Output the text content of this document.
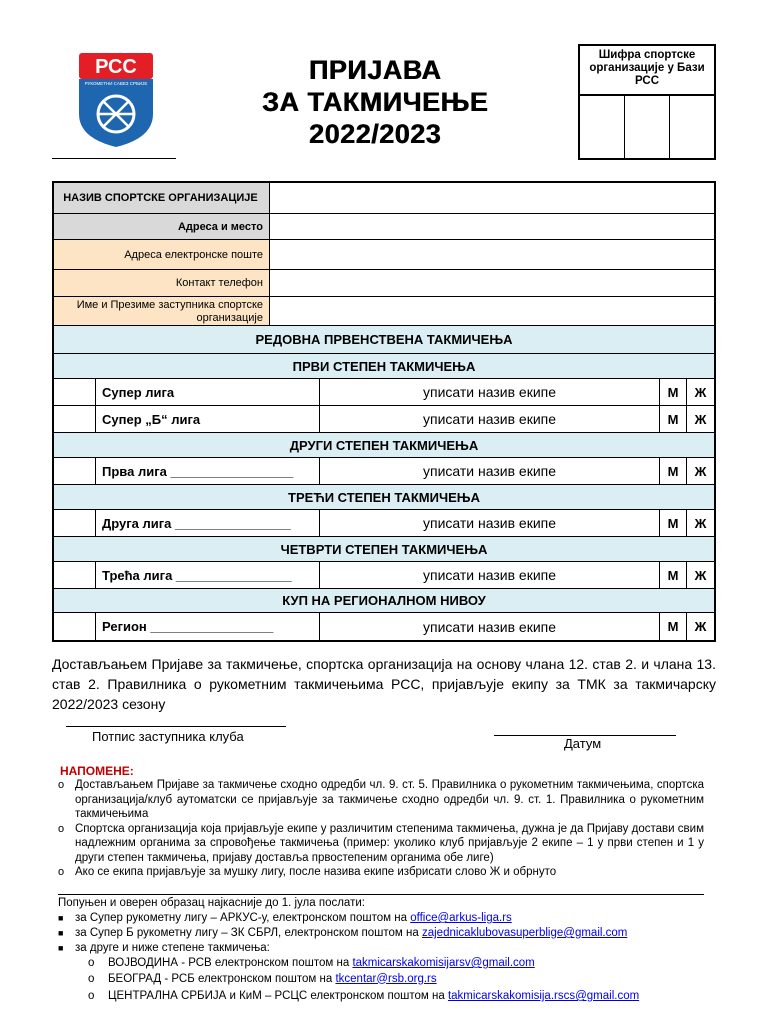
РСС
РУКОМЕТНИ САВЕЗ СРБИЈЕ	ПРИЈАВА
ЗА ТАКМИЧЕЊЕ
2022/2023
Шифра спортске организације у Бази РСС
НАЗИВ СПОРТСКЕ ОРГАНИЗАЦИЈЕ
Адреса и место
Адреса електронске поште
Контакт телефон
Име и Презиме заступника спортске организације
РЕДОВНА ПРВЕНСТВЕНА ТАКМИЧЕЊА
ПРВИ СТЕПЕН ТАКМИЧЕЊА
Супер лига	уписати назив екипе	М	Ж
Супер „Б“ лига	уписати назив екипе	М	Ж
ДРУГИ СТЕПЕН ТАКМИЧЕЊА
Прва лига _________________	уписати назив екипе	М	Ж
ТРЕЋИ СТЕПЕН ТАКМИЧЕЊА
Друга лига ________________	уписати назив екипе	М	Ж
ЧЕТВРТИ СТЕПЕН ТАКМИЧЕЊА
Трећа лига ________________	уписати назив екипе	М	Ж
КУП НА РЕГИОНАЛНОМ НИВОУ
Регион _________________	уписати назив екипе	М	Ж
Достављањем Пријаве за такмичење, спортска организација на основу члана 12. став 2. и члана 13. став 2. Правилника о рукометним такмичењима РСС, пријављује екипу за ТМК за такмичарску 2022/2023 сезону
Потпис заступника клуба	Датум
НАПОМЕНЕ:
o Достављањем Пријаве за такмичење сходно одредби чл. 9. ст. 5. Правилника о рукометним такмичењима, спортска организација/клуб аутоматски се пријављује за такмичење сходно одредби чл. 9. ст. 1. Правилника о рукометним такмичењима
o Спортска организација која пријављује екипе у различитим степенима такмичења, дужна је да Пријаву достави свим надлежним органима за спровођење такмичења (пример: уколико клуб пријављује 2 екипе – 1 у први степен и 1 у други степен такмичења, пријаву доставља првостепеним органима обе лиге)
o Ако се екипа пријављује за мушку лигу, после назива екипе избрисати слово Ж и обрнуто
Попуњен и оверен образац најкасније до 1. јула послати:
■ за Супер рукометну лигу – АРКУС-у, електронском поштом на office@arkus-liga.rs
■ за Супер Б рукометну лигу – ЗК СБРЛ, електронском поштом на zajednicaklubovasuperblige@gmail.com
■ за друге и ниже степене такмичења:
o ВОЈВОДИНА - РСВ електронском поштом на takmicarskakomisijarsv@gmail.com
o БЕОГРАД - РСБ електронском поштом на tkcentar@rsb.org.rs
o ЦЕНТРАЛНА СРБИЈА и КиМ – РСЦС електронском поштом на takmicarskakomisija.rscs@gmail.com
